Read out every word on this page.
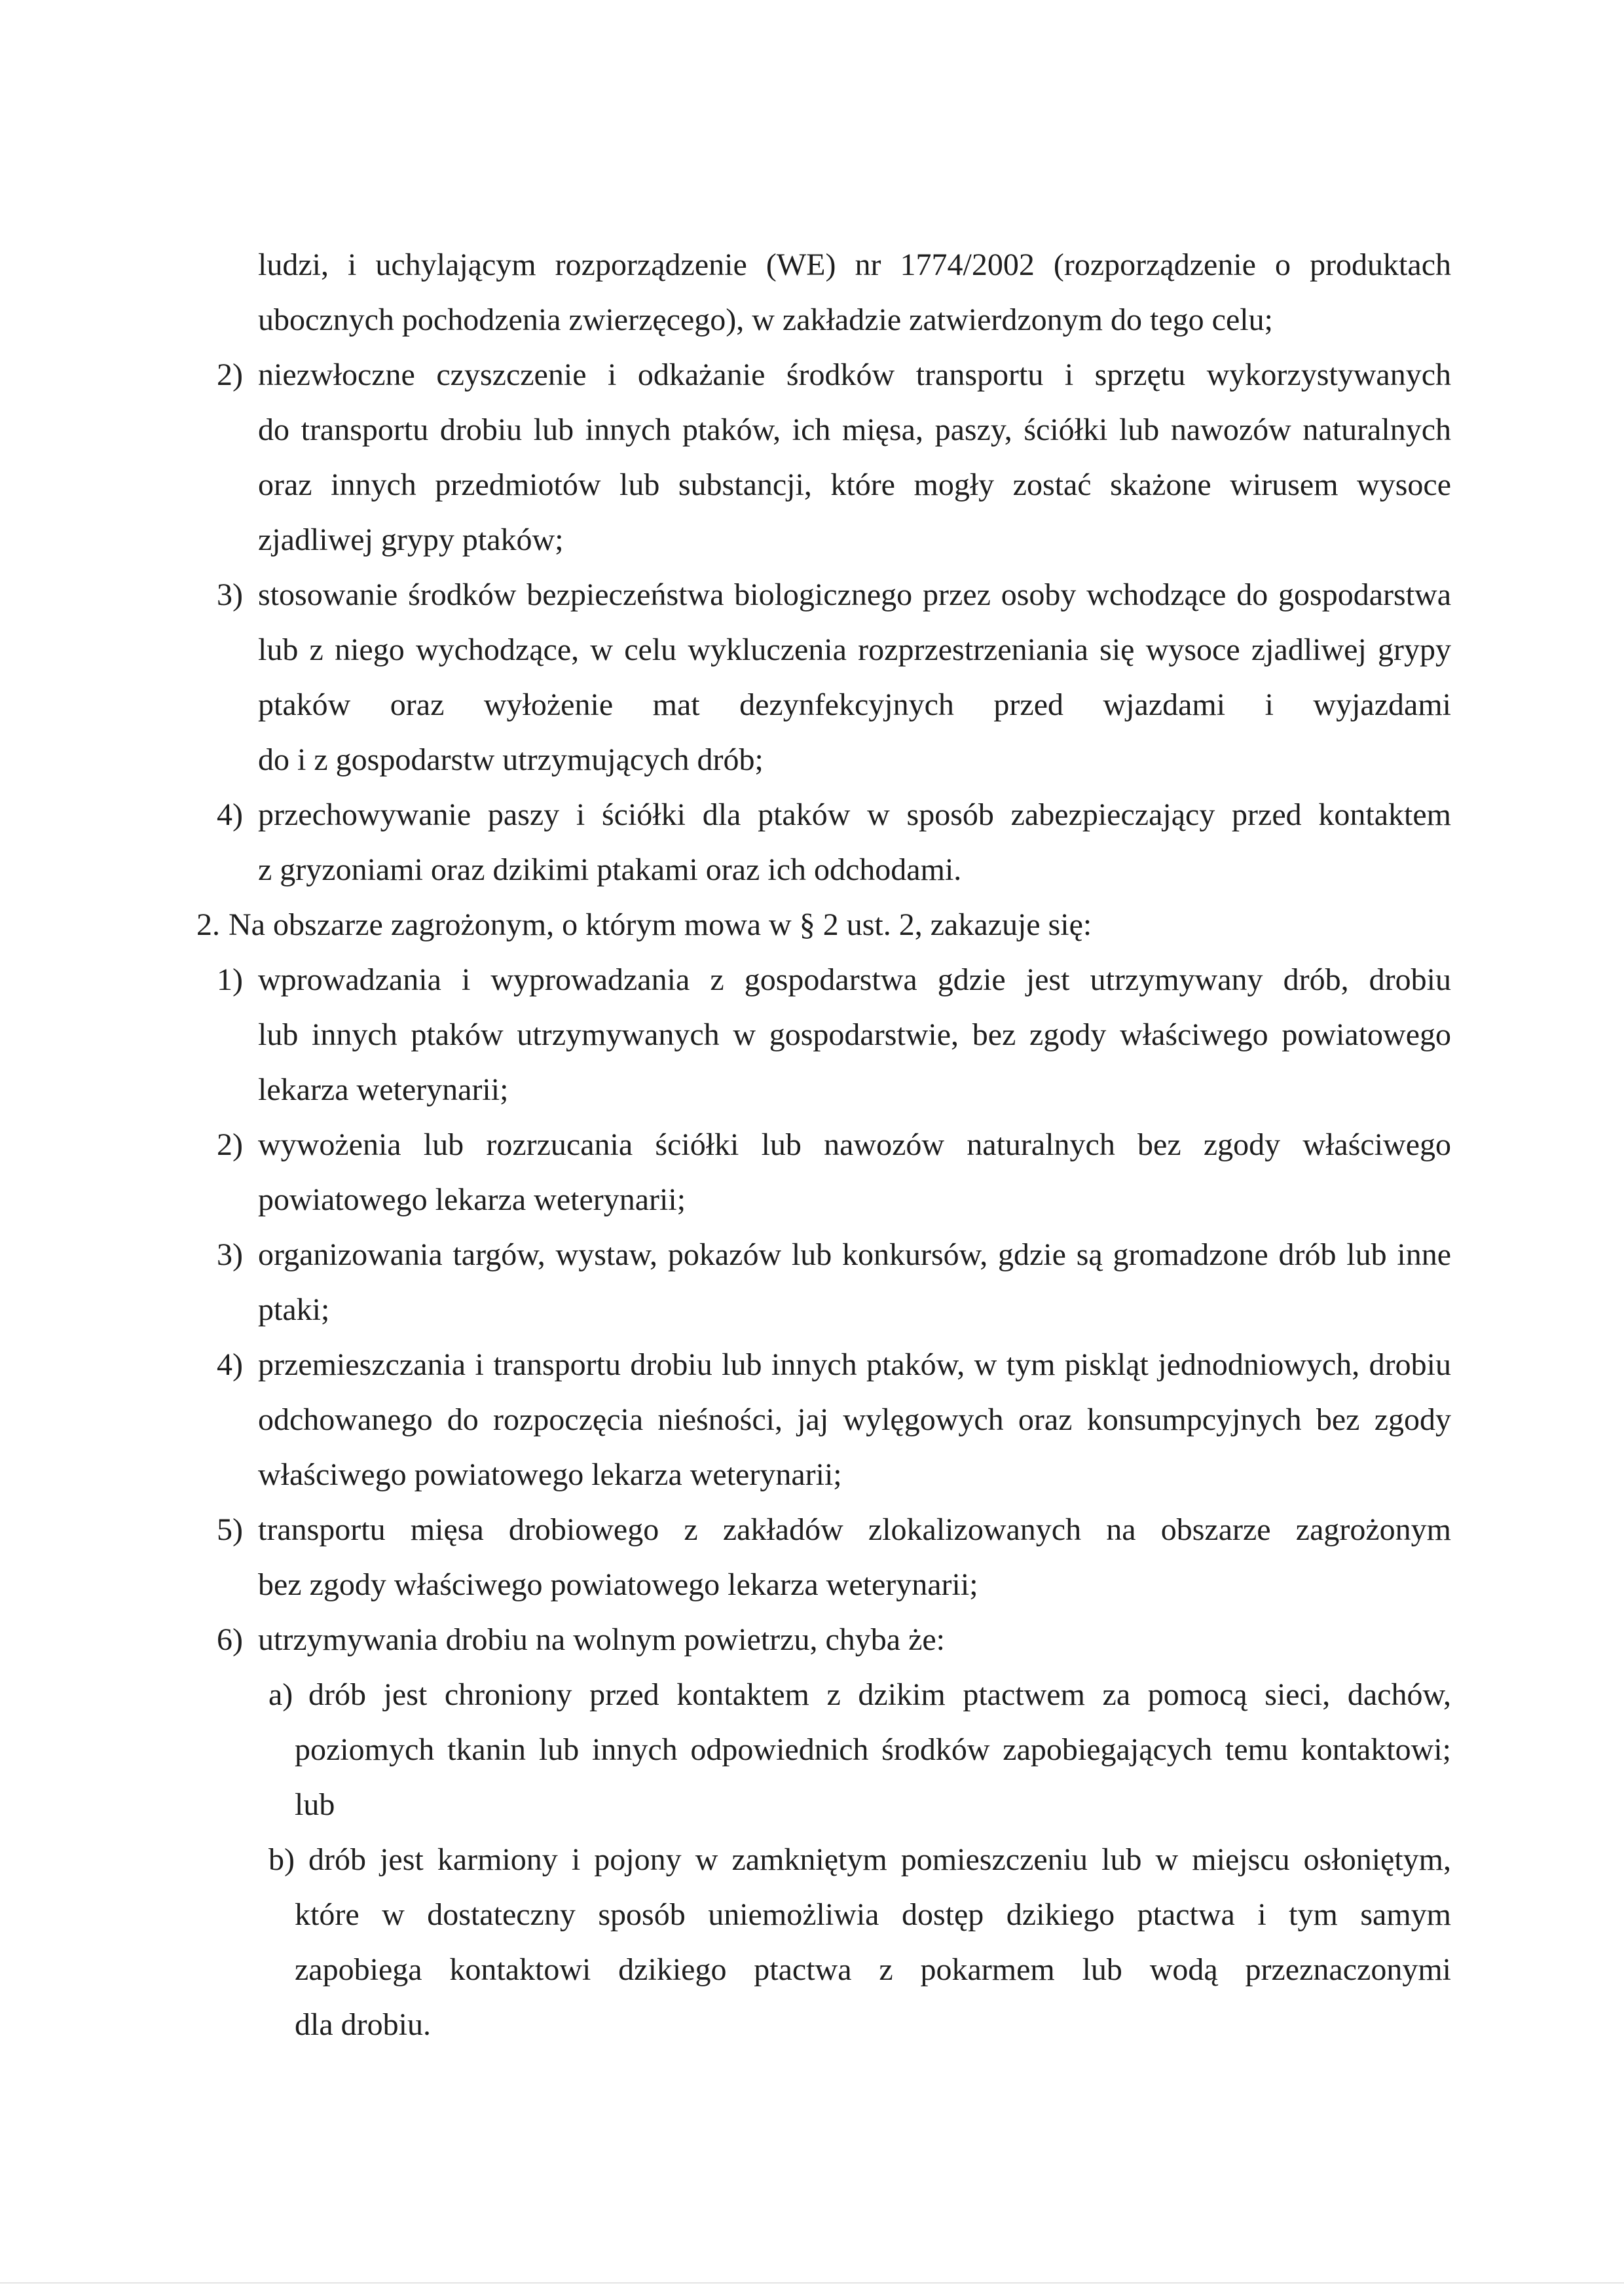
ludzi, i uchylającym rozporządzenie (WE) nr 1774/2002 (rozporządzenie o produktach
ubocznych pochodzenia zwierzęcego), w zakładzie zatwierdzonym do tego celu;
2) niezwłoczne czyszczenie i odkażanie środków transportu i sprzętu wykorzystywanych
do transportu drobiu lub innych ptaków, ich mięsa, paszy, ściółki lub nawozów naturalnych
oraz innych przedmiotów lub substancji, które mogły zostać skażone wirusem wysoce
zjadliwej grypy ptaków;
3) stosowanie środków bezpieczeństwa biologicznego przez osoby wchodzące do gospodarstwa
lub z niego wychodzące, w celu wykluczenia rozprzestrzeniania się wysoce zjadliwej grypy
ptaków oraz wyłożenie mat dezynfekcyjnych przed wjazdami i wyjazdami
do i z gospodarstw utrzymujących drób;
4) przechowywanie paszy i ściółki dla ptaków w sposób zabezpieczający przed kontaktem
z gryzoniami oraz dzikimi ptakami oraz ich odchodami.
2. Na obszarze zagrożonym, o którym mowa w § 2 ust. 2, zakazuje się:
1) wprowadzania i wyprowadzania z gospodarstwa gdzie jest utrzymywany drób, drobiu
lub innych ptaków utrzymywanych w gospodarstwie, bez zgody właściwego powiatowego
lekarza weterynarii;
2) wywożenia lub rozrzucania ściółki lub nawozów naturalnych bez zgody właściwego
powiatowego lekarza weterynarii;
3) organizowania targów, wystaw, pokazów lub konkursów, gdzie są gromadzone drób lub inne
ptaki;
4) przemieszczania i transportu drobiu lub innych ptaków, w tym piskląt jednodniowych, drobiu
odchowanego do rozpoczęcia nieśności, jaj wylęgowych oraz konsumpcyjnych bez zgody
właściwego powiatowego lekarza weterynarii;
5) transportu mięsa drobiowego z zakładów zlokalizowanych na obszarze zagrożonym
bez zgody właściwego powiatowego lekarza weterynarii;
6) utrzymywania drobiu na wolnym powietrzu, chyba że:
a) drób jest chroniony przed kontaktem z dzikim ptactwem za pomocą sieci, dachów,
poziomych tkanin lub innych odpowiednich środków zapobiegających temu kontaktowi;
lub
b) drób jest karmiony i pojony w zamkniętym pomieszczeniu lub w miejscu osłoniętym,
które w dostateczny sposób uniemożliwia dostęp dzikiego ptactwa i tym samym
zapobiega kontaktowi dzikiego ptactwa z pokarmem lub wodą przeznaczonymi
dla drobiu.
